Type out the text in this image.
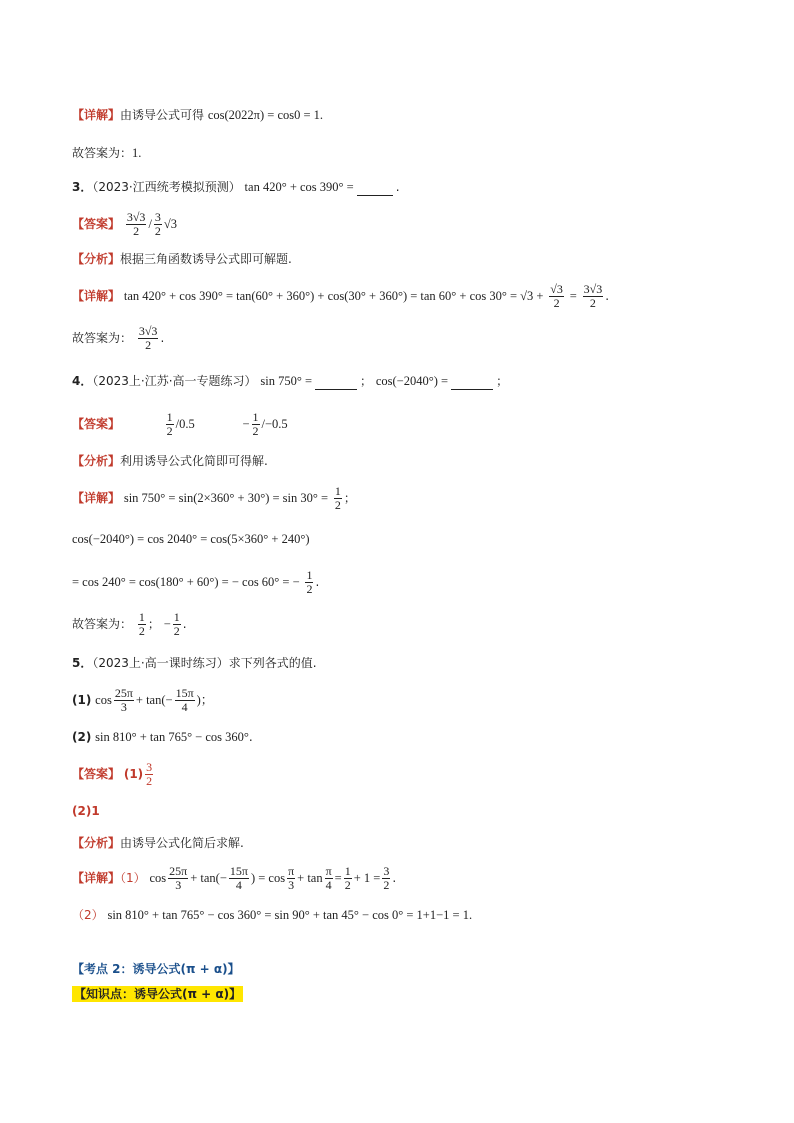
【详解】由诱导公式可得 cos(2022π) = cos0 = 1.
故答案为：1.
3．（2023·江西统考模拟预测） tan 420° + cos 390° =	.
【答案】 $\frac{3√3}{2} / \frac{3}{2} √3$
【分析】根据三角函数诱导公式即可解题.
【详解】 $\tan 420^\circ + \cos 390^\circ = \tan(60^\circ + 360^\circ) + \cos(30^\circ + 360^\circ) = \tan 60^\circ + \cos 30^\circ = √3 + \frac{√3}{2} = \frac{3√3}{2}$ .
故答案为： $\frac{3√3}{2}$ .
4．（2023上·江苏·高一专题练习） sin 750° =	； cos(−2040°) =	；
【答案】	$\frac{1}{2} /0.5$	− $\frac{1}{2} /-0.5$
【分析】利用诱导公式化简即可得解.
【详解】 $\sin 750^\circ = \sin(2\times 360^\circ + 30^\circ) = \sin 30^\circ = \frac{1}{2}$ ；
cos(−2040°) = cos 2040° = cos(5×360° + 240°)
= cos 240° = cos(180° + 60°) = − cos 60° = − $\frac{1}{2}$ .
故答案为： $\frac{1}{2}$ ； − $\frac{1}{2}$ .
5．（2023上·高一课时练习）求下列各式的值.
(1) $\cos \frac{25\pi}{3} + \tan(- \frac{15\pi}{4}$ )；
(2) sin 810° + tan 765° − cos 360°.
【答案】 $(1) \frac{3}{2}$
(2)1
【分析】由诱导公式化简后求解.
【详解】（1） $\cos \frac{25\pi}{3} + \tan(- \frac{15\pi}{4}$ ) = $\cos \frac{\pi}{3} + \tan \frac{\pi}{4} = \frac{1}{2} + 1 = \frac{3}{2}$ .
（2） sin 810° + tan 765° − cos 360° = sin 90° + tan 45° − cos 0° = 1+1−1 = 1.
【考点 2：诱导公式(π + α)】
【知识点：诱导公式(π + α)】
